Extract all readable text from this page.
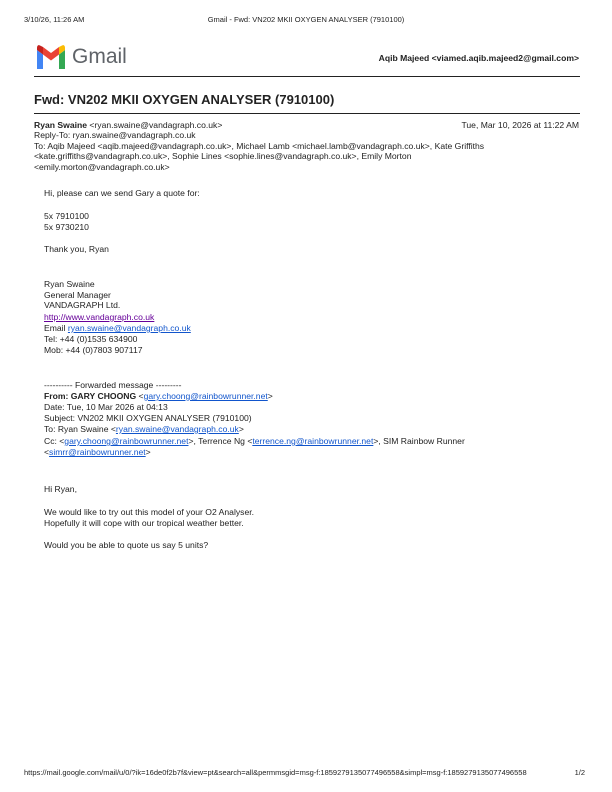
3/10/26, 11:26 AM	Gmail - Fwd: VN202 MKII OXYGEN ANALYSER (7910100)
Gmail	Aqib Majeed <viamed.aqib.majeed2@gmail.com>
Fwd: VN202 MKII OXYGEN ANALYSER (7910100)
Ryan Swaine <ryan.swaine@vandagraph.co.uk>	Tue, Mar 10, 2026 at 11:22 AM
Reply-To: ryan.swaine@vandagraph.co.uk
To: Aqib Majeed <aqib.majeed@vandagraph.co.uk>, Michael Lamb <michael.lamb@vandagraph.co.uk>, Kate Griffiths
<kate.griffiths@vandagraph.co.uk>, Sophie Lines <sophie.lines@vandagraph.co.uk>, Emily Morton
<emily.morton@vandagraph.co.uk>
Hi, please can we send Gary a quote for:
5x 7910100
5x 9730210
Thank you, Ryan
Ryan Swaine
General Manager
VANDAGRAPH Ltd.
http://www.vandagraph.co.uk
Email ryan.swaine@vandagraph.co.uk
Tel: +44 (0)1535 634900
Mob: +44 (0)7803 907117
---------- Forwarded message ---------
From: GARY CHOONG <gary.choong@rainbowrunner.net>
Date: Tue, 10 Mar 2026 at 04:13
Subject: VN202 MKII OXYGEN ANALYSER (7910100)
To: Ryan Swaine <ryan.swaine@vandagraph.co.uk>
Cc: <gary.choong@rainbowrunner.net>, Terrence Ng <terrence.ng@rainbowrunner.net>, SIM Rainbow Runner
<simrr@rainbowrunner.net>
Hi Ryan,
We would like to try out this model of your O2 Analyser.
Hopefully it will cope with our tropical weather better.
Would you be able to quote us say 5 units?
https://mail.google.com/mail/u/0/?ik=16de0f2b7f&view=pt&search=all&permmsgid=msg-f:1859279135077496558&simpl=msg-f:1859279135077496558	1/2
